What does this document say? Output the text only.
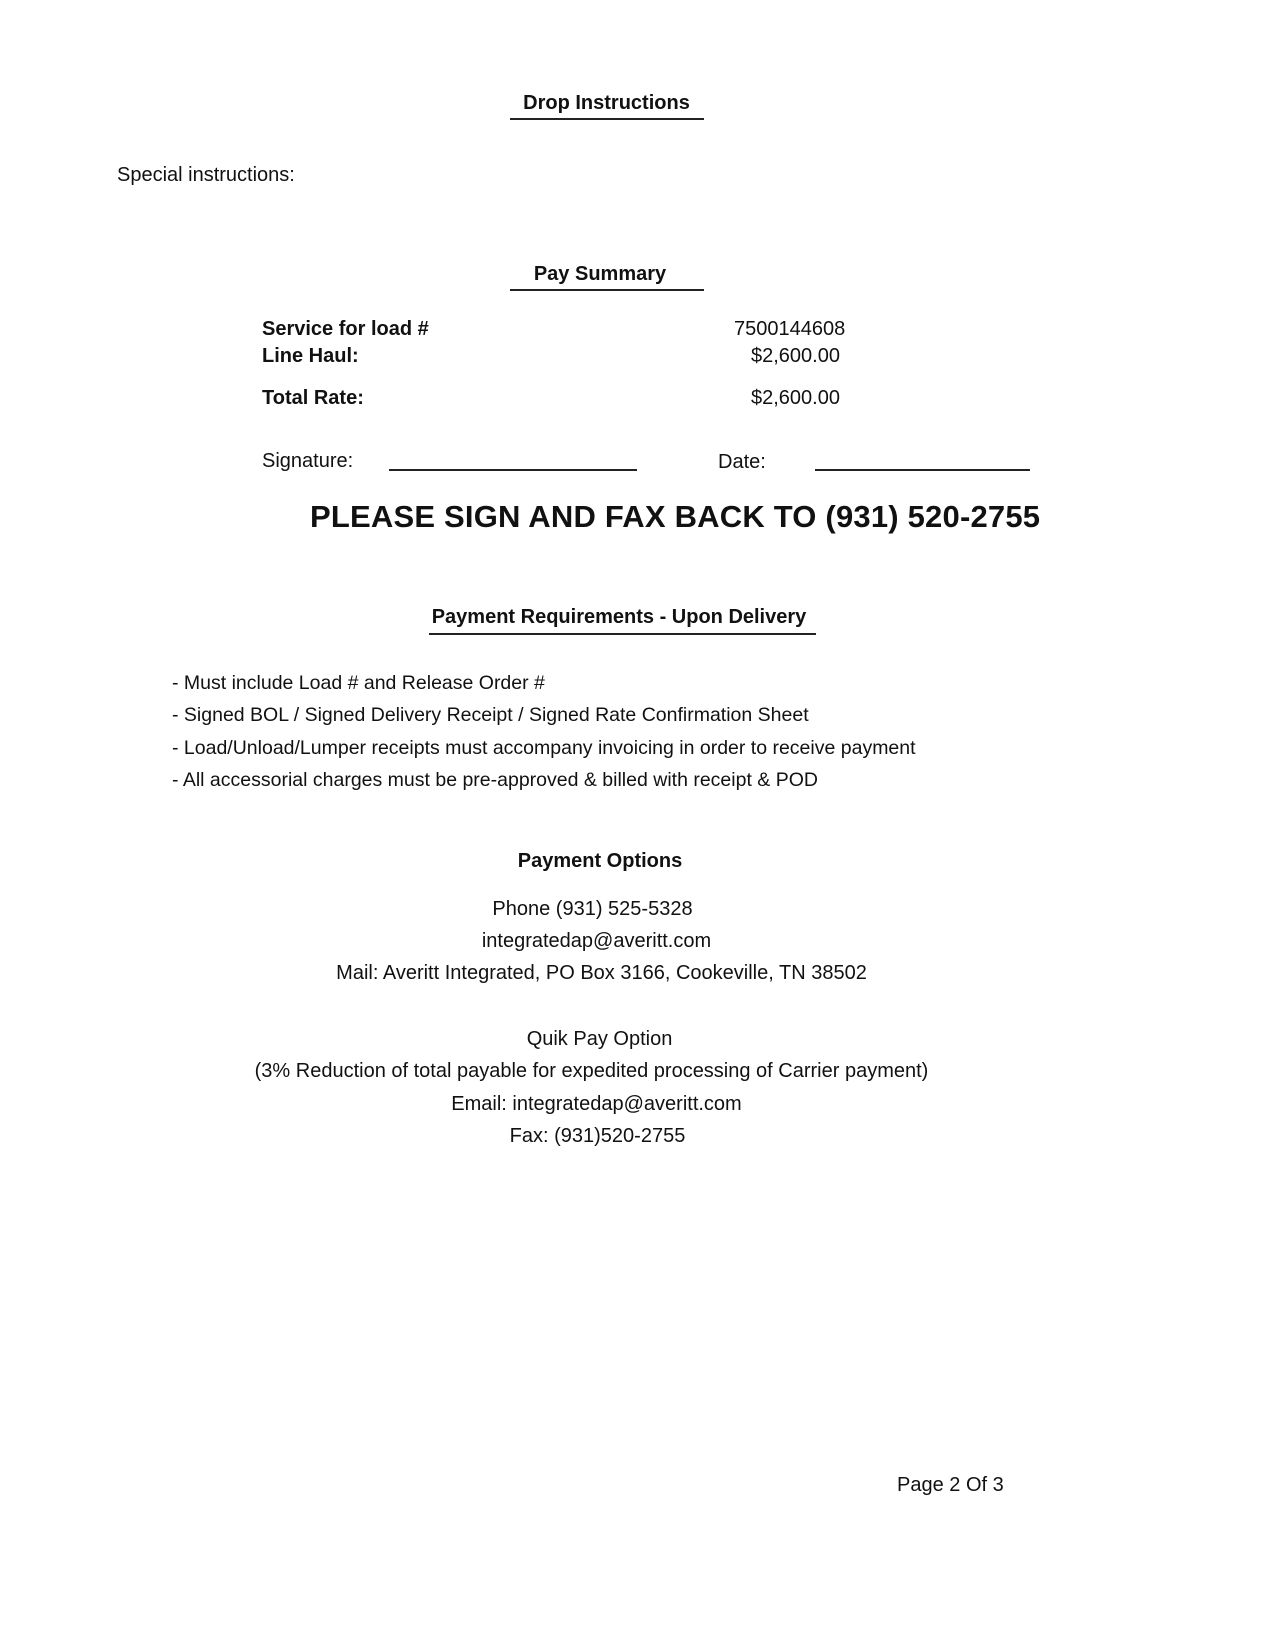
Drop Instructions
Special instructions:
Pay Summary
Service for load #	7500144608
Line Haul:	$2,600.00
Total Rate:	$2,600.00
Signature:	Date:
PLEASE SIGN AND FAX BACK TO (931) 520-2755
Payment Requirements - Upon Delivery
- Must include Load # and Release Order #
- Signed BOL / Signed Delivery Receipt / Signed Rate Confirmation Sheet
- Load/Unload/Lumper receipts must accompany invoicing in order to receive payment
- All accessorial charges must be pre-approved & billed with receipt & POD
Payment Options
Phone (931) 525-5328
integratedap@averitt.com
Mail: Averitt Integrated, PO Box 3166, Cookeville, TN 38502
Quik Pay Option
(3% Reduction of total payable for expedited processing of Carrier payment)
Email: integratedap@averitt.com
Fax: (931)520-2755
Page 2 Of 3
